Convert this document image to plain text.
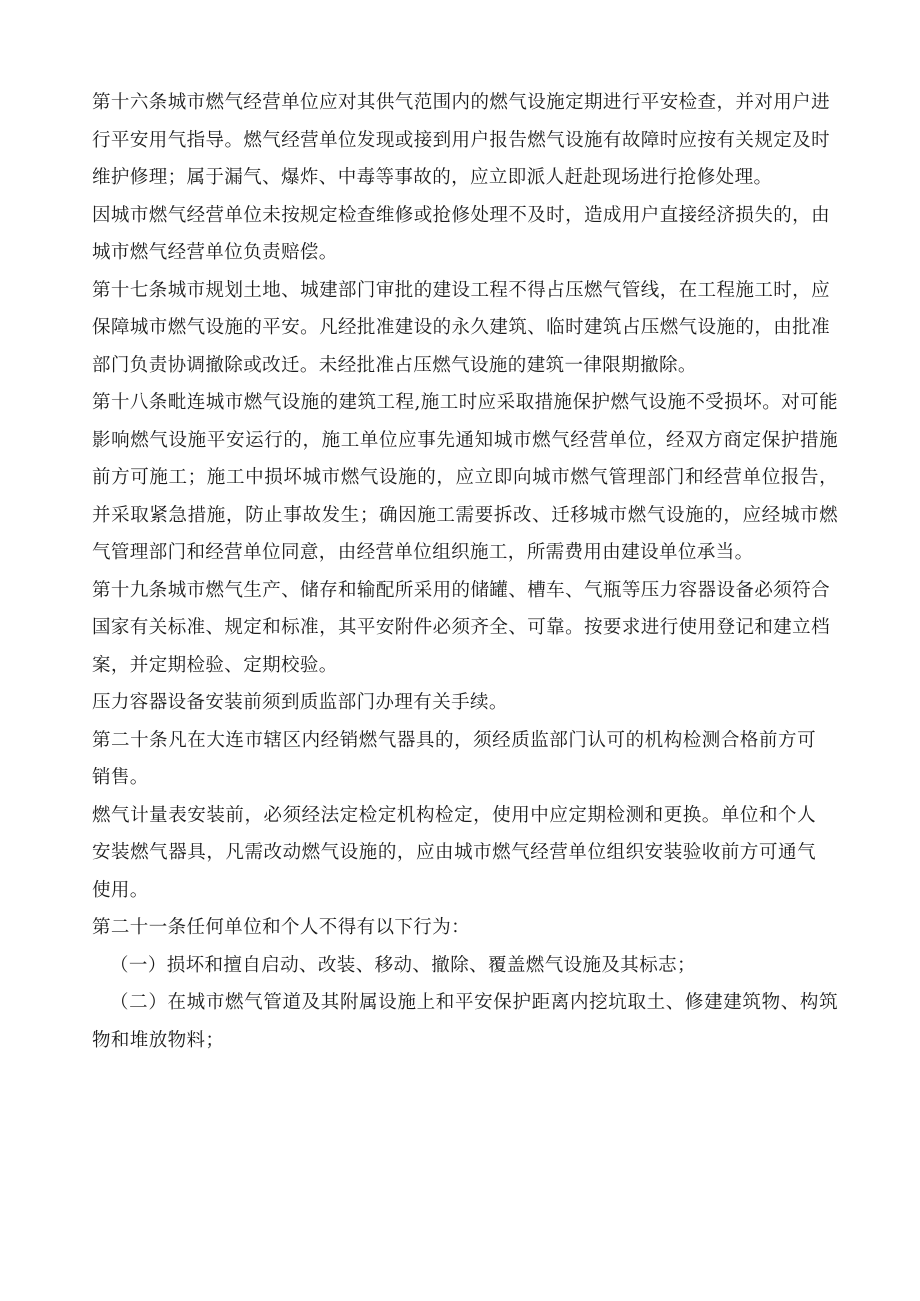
第十六条城市燃气经营单位应对其供气范围内的燃气设施定期进行平安检查，并对用户进行平安用气指导。燃气经营单位发现或接到用户报告燃气设施有故障时应按有关规定及时维护修理；属于漏气、爆炸、中毒等事故的，应立即派人赶赴现场进行抢修处理。

因城市燃气经营单位未按规定检查维修或抢修处理不及时，造成用户直接经济损失的，由城市燃气经营单位负责赔偿。

第十七条城市规划土地、城建部门审批的建设工程不得占压燃气管线，在工程施工时，应保障城市燃气设施的平安。凡经批准建设的永久建筑、临时建筑占压燃气设施的，由批准部门负责协调撤除或改迁。未经批准占压燃气设施的建筑一律限期撤除。

第十八条毗连城市燃气设施的建筑工程,施工时应采取措施保护燃气设施不受损坏。对可能影响燃气设施平安运行的，施工单位应事先通知城市燃气经营单位，经双方商定保护措施前方可施工；施工中损坏城市燃气设施的，应立即向城市燃气管理部门和经营单位报告，并采取紧急措施，防止事故发生；确因施工需要拆改、迁移城市燃气设施的，应经城市燃气管理部门和经营单位同意，由经营单位组织施工，所需费用由建设单位承当。

第十九条城市燃气生产、储存和输配所采用的储罐、槽车、气瓶等压力容器设备必须符合国家有关标准、规定和标准，其平安附件必须齐全、可靠。按要求进行使用登记和建立档案，并定期检验、定期校验。

压力容器设备安装前须到质监部门办理有关手续。

第二十条凡在大连市辖区内经销燃气器具的，须经质监部门认可的机构检测合格前方可销售。

燃气计量表安装前，必须经法定检定机构检定，使用中应定期检测和更换。单位和个人安装燃气器具，凡需改动燃气设施的，应由城市燃气经营单位组织安装验收前方可通气使用。

第二十一条任何单位和个人不得有以下行为：

（一）损坏和擅自启动、改装、移动、撤除、覆盖燃气设施及其标志；

（二）在城市燃气管道及其附属设施上和平安保护距离内挖坑取土、修建建筑物、构筑物和堆放物料；
